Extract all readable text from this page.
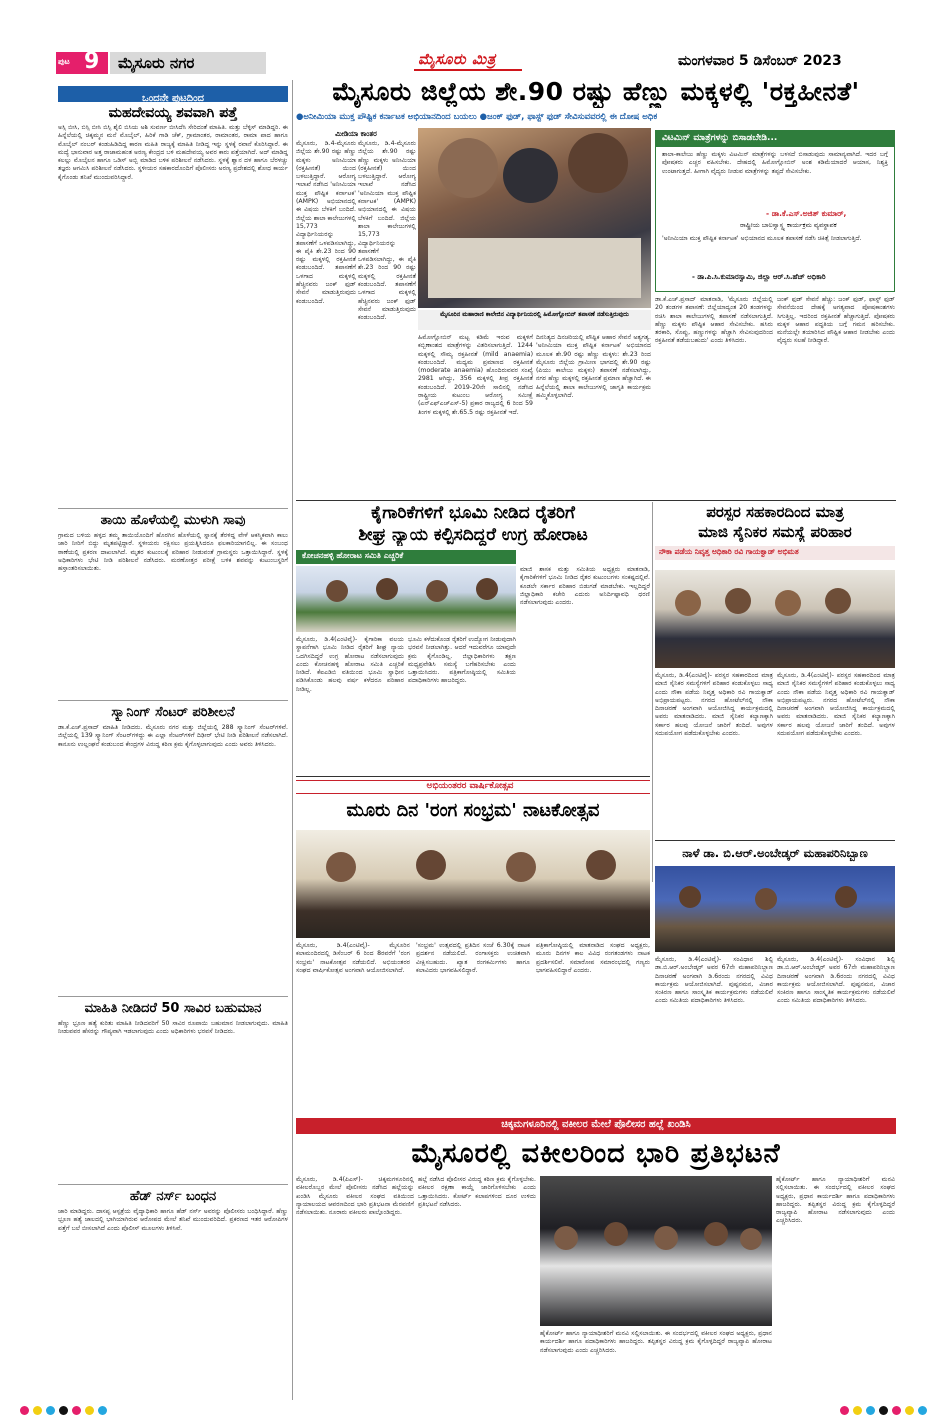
ಪುಟ 9 ಮೈಸೂರು ನಗರ	ಮೈಸೂರು ಮಿತ್ರ	ಮಂಗಳವಾರ 5 ಡಿಸೆಂಬರ್ 2023
ಒಂದನೇ ಪುಟದಿಂದ
ಮಹದೇವಯ್ಯ ಶವವಾಗಿ ಪತ್ತೆ
ಅಸ್ಸಿ ಬೀಸಿ, ಬಿಸ್ಸಿ ಬೀಸಿ ಬಿಸ್ಸಿ ಶೈಲಿ ಬಿಸಿಯ ಅಶಿ ಸುವರ್ಣ ಬೀಸಿದೆಸಿ ಸೇರಿದಂತೆ ಮಾಹಿತಿ. ಮತ್ತು ಬೆಳ್ಳಿಸ್ ಮಾಡಿದ್ದರಿ. ಈ ಹಿನ್ನೆಲೆಯಲ್ಲಿ ಚಿಕ್ಕಮ್ಮನ ಮನೆ ಮೊಬೈಲ್, ಹಿರಿಕೆ ಗಾಡಿ ಚೆಕ್, ಗ್ರಾಮಾಂತರ, ರಾಮಾಂತರ, ರಾಮಾ ಪಾದ ಹಾಗೂ ಮೊಬೈಲ್ ನಂಬರ್ ಕಂಡುಹಿಡಿದಿದ್ದ ಕಾರಣ ಮಹಿತಿ ರಾಜ್ಯಕ್ಕೆ ಮಾಹಿತಿ ನೀಡಿದ್ದ ಇನ್ನು ಸ್ಥಳಕ್ಕೆ ರವಾನೆ ಕೊರಿಸಿದ್ದಾರೆ. ಈ ಮದ್ಯೆ ಭಾನುವಾರ ಅತ್ತ ರಾಜಾಮಹಂತ ಅರಣ್ಯ ಕೇಂದ್ರದ ಬಳಿ ಮಹದೇವಯ್ಯ ಅವರ ಕಾರು ಪತ್ತೆಯಾಗಿದೆ. ಅದ್ ಮಾಡಿದ್ದ ಕಲಲ್ಲು ಮೊಬೈಲನ ಹಾಗೂ ಒಡಿಸ್ ಅಬ್ಬಿ ಮಾಡಿದ ಬಳಿಕ ಪರಿಶೀಲನೆ ನಡೆಸಿದರು. ಸ್ಥಳಕ್ಕೆ ಶ್ವಾನ ದಳ ಹಾಗೂ ಬೆರಳಚ್ಚು ತಜ್ಞರು ಆಗಮಿಸಿ ಪರಿಶೀಲನೆ ನಡೆಸಿದರು. ಸ್ಥಳೀಯರ ಸಹಕಾರದೊಂದಿಗೆ ಪೊಲೀಸರು ಅರಣ್ಯ ಪ್ರದೇಶದಲ್ಲಿ ಶೋಧ ಕಾರ್ಯ ಕೈಗೊಂಡು ತನಿಖೆ ಮುಂದುವರಿಸಿದ್ದಾರೆ.
ತಾಯಿ ಹೊಳೆಯಲ್ಲಿ ಮುಳುಗಿ ಸಾವು
ಗ್ರಾಮದ ಬಳಿಯ ಹಳ್ಳದ ತಮ್ಮ ತಾಯಿಯೊಂದಿಗೆ ಹೊರಗಿನ ಹೊಳೆಯಲ್ಲಿ ಸ್ನಾನಕ್ಕೆ ತೆರಳಿದ್ದ ವೇಳೆ ಆಕಸ್ಮಿಕವಾಗಿ ಕಾಲು ಜಾರಿ ನೀರಿಗೆ ಬಿದ್ದು ಮೃತಪಟ್ಟಿದ್ದಾರೆ. ಸ್ಥಳೀಯರು ರಕ್ಷಿಸಲು ಪ್ರಯತ್ನಿಸಿದರೂ ಫಲಕಾರಿಯಾಗಲಿಲ್ಲ. ಈ ಸಂಬಂಧ ಠಾಣೆಯಲ್ಲಿ ಪ್ರಕರಣ ದಾಖಲಾಗಿದೆ. ಮೃತರ ಕುಟುಂಬಕ್ಕೆ ಪರಿಹಾರ ನೀಡುವಂತೆ ಗ್ರಾಮಸ್ಥರು ಒತ್ತಾಯಿಸಿದ್ದಾರೆ. ಸ್ಥಳಕ್ಕೆ ಅಧಿಕಾರಿಗಳು ಭೇಟಿ ನೀಡಿ ಪರಿಶೀಲನೆ ನಡೆಸಿದರು. ಮರಣೋತ್ತರ ಪರೀಕ್ಷೆ ಬಳಿಕ ಶವವನ್ನು ಕುಟುಂಬಸ್ಥರಿಗೆ ಹಸ್ತಾಂತರಿಸಲಾಯಿತು.
ಸ್ಕ್ಯಾನಿಂಗ್ ಸೆಂಟರ್ ಪರಿಶೀಲನೆ
ಡಾ.ಕೆ.ಎಚ್.ಪ್ರಸಾದ್ ಮಾಹಿತಿ ನೀಡಿದರು. ಮೈಸೂರು ನಗರ ಮತ್ತು ಜಿಲ್ಲೆಯಲ್ಲಿ 288 ಸ್ಕ್ಯಾನಿಂಗ್ ಸೆಂಟರ್‌ಗಳಿವೆ. ಜಿಲ್ಲೆಯಲ್ಲಿ 139 ಸ್ಕ್ಯಾನಿಂಗ್ ಸೆಂಟರ್‌ಗಳಿದ್ದು ಈ ಎಲ್ಲಾ ಸೆಂಟರ್‌ಗಳಿಗೆ ದಿಢೀರ್ ಭೇಟಿ ನೀಡಿ ಪರಿಶೀಲನೆ ನಡೆಸಲಾಗಿದೆ. ಕಾನೂನು ಉಲ್ಲಂಘನೆ ಕಂಡುಬಂದ ಕೇಂದ್ರಗಳ ವಿರುದ್ಧ ಕಠಿಣ ಕ್ರಮ ಕೈಗೊಳ್ಳಲಾಗುವುದು ಎಂದು ಅವರು ತಿಳಿಸಿದರು.
ಮಾಹಿತಿ ನೀಡಿದರೆ 50 ಸಾವಿರ ಬಹುಮಾನ
ಹೆಣ್ಣು ಭ್ರೂಣ ಹತ್ಯೆ ಕುರಿತು ಮಾಹಿತಿ ನೀಡಿದವರಿಗೆ 50 ಸಾವಿರ ರೂಪಾಯಿ ಬಹುಮಾನ ನೀಡಲಾಗುವುದು. ಮಾಹಿತಿ ನೀಡುವವರ ಹೆಸರನ್ನು ಗೌಪ್ಯವಾಗಿ ಇಡಲಾಗುವುದು ಎಂದು ಅಧಿಕಾರಿಗಳು ಭರವಸೆ ನೀಡಿದರು.
ಹೆಡ್ ನರ್ಸ್ ಬಂಧನ
ಜಾರಿ ಮಾಡಿದ್ದರು. ದಾಸಪ್ಪ ಆಸ್ಪತ್ರೆಯ ವೈದ್ಯಾಧಿಕಾರಿ ಹಾಗೂ ಹೆಡ್ ನರ್ಸ್ ಅವರನ್ನು ಪೊಲೀಸರು ಬಂಧಿಸಿದ್ದಾರೆ. ಹೆಣ್ಣು ಭ್ರೂಣ ಹತ್ಯೆ ಜಾಲದಲ್ಲಿ ಭಾಗಿಯಾಗಿರುವ ಆರೋಪದ ಮೇಲೆ ತನಿಖೆ ಮುಂದುವರಿದಿದೆ. ಪ್ರಕರಣದ ಇತರ ಆರೋಪಿಗಳ ಪತ್ತೆಗೆ ಬಲೆ ಬೀಸಲಾಗಿದೆ ಎಂದು ಪೊಲೀಸ್ ಮೂಲಗಳು ತಿಳಿಸಿವೆ.
ಮೈಸೂರು ಜಿಲ್ಲೆಯ ಶೇ.90 ರಷ್ಟು ಹೆಣ್ಣು ಮಕ್ಕಳಲ್ಲಿ 'ರಕ್ತಹೀನತೆ'
●ಅನೀಮಿಯಾ ಮುಕ್ತ ಪೌಷ್ಟಿಕ ಕರ್ನಾಟಕ ಅಭಿಯಾನದಿಂದ ಬಯಲು ●ಜಂಕ್ ಫುಡ್, ಫಾಸ್ಟ್ ಫುಡ್ ಸೇವಿಸುವವರಲ್ಲಿ ಈ ದೋಷ ಅಧಿಕ
ಮೈಸೂರಿನ ಮಹಾರಾಣಿ ಕಾಲೇಜಿನ ವಿದ್ಯಾರ್ಥಿನಿಯರಲ್ಲಿ ಹಿಮೋಗ್ಲೋಬಿನ್ ತಪಾಸಣೆ ನಡೆಸುತ್ತಿರುವುದು
ಮೀಡಿಯಾ ಕಾಂತರ
ಮೈಸೂರು, ಡಿ.4-ಮೈಸೂರು ಜಿಲ್ಲೆಯ ಶೇ.90 ರಷ್ಟು ಹೆಣ್ಣು ಮಕ್ಕಳು ಅನೀಮಿಯಾ (ರಕ್ತಹೀನತೆ) ಯಿಂದ ಬಳಲುತ್ತಿದ್ದಾರೆ. ಆರೋಗ್ಯ ಇಲಾಖೆ ನಡೆಸಿದ 'ಅನೀಮಿಯಾ ಮುಕ್ತ ಪೌಷ್ಟಿಕ ಕರ್ನಾಟಕ' (AMPK) ಅಭಿಯಾನದಲ್ಲಿ ಈ ವಿಷಯ ಬೆಳಕಿಗೆ ಬಂದಿದೆ. ಜಿಲ್ಲೆಯ ಶಾಲಾ ಕಾಲೇಜುಗಳಲ್ಲಿ 15,773 ವಿದ್ಯಾರ್ಥಿನಿಯರನ್ನು ತಪಾಸಣೆಗೆ ಒಳಪಡಿಸಲಾಗಿದ್ದು, ಈ ಪೈಕಿ ಶೇ.23 ರಿಂದ 90 ರಷ್ಟು ಮಕ್ಕಳಲ್ಲಿ ರಕ್ತಹೀನತೆ ಕಂಡುಬಂದಿದೆ. ತಪಾಸಣೆಗೆ ಒಳಗಾದ ಮಕ್ಕಳಲ್ಲಿ ಹೆಚ್ಚಿನವರು ಜಂಕ್ ಫುಡ್ ಸೇವನೆ ಮಾಡುತ್ತಿರುವುದು ಕಂಡುಬಂದಿದೆ.
ಮೈಸೂರು, ಡಿ.4-ಮೈಸೂರು ಜಿಲ್ಲೆಯ ಶೇ.90 ರಷ್ಟು ಹೆಣ್ಣು ಮಕ್ಕಳು ಅನೀಮಿಯಾ (ರಕ್ತಹೀನತೆ) ಯಿಂದ ಬಳಲುತ್ತಿದ್ದಾರೆ. ಆರೋಗ್ಯ ಇಲಾಖೆ ನಡೆಸಿದ 'ಅನೀಮಿಯಾ ಮುಕ್ತ ಪೌಷ್ಟಿಕ ಕರ್ನಾಟಕ' (AMPK) ಅಭಿಯಾನದಲ್ಲಿ ಈ ವಿಷಯ ಬೆಳಕಿಗೆ ಬಂದಿದೆ. ಜಿಲ್ಲೆಯ ಶಾಲಾ ಕಾಲೇಜುಗಳಲ್ಲಿ 15,773 ವಿದ್ಯಾರ್ಥಿನಿಯರನ್ನು ತಪಾಸಣೆಗೆ ಒಳಪಡಿಸಲಾಗಿದ್ದು, ಈ ಪೈಕಿ ಶೇ.23 ರಿಂದ 90 ರಷ್ಟು ಮಕ್ಕಳಲ್ಲಿ ರಕ್ತಹೀನತೆ ಕಂಡುಬಂದಿದೆ. ತಪಾಸಣೆಗೆ ಒಳಗಾದ ಮಕ್ಕಳಲ್ಲಿ ಹೆಚ್ಚಿನವರು ಜಂಕ್ ಫುಡ್ ಸೇವನೆ ಮಾಡುತ್ತಿರುವುದು ಕಂಡುಬಂದಿದೆ.
ಹಿಮೋಗ್ಲೋಬಿನ್ ಮಟ್ಟ ಕಡಿಮೆ ಇರುವ ಮಕ್ಕಳಿಗೆ ಕಬ್ಬಿಣಾಂಶದ ಮಾತ್ರೆಗಳನ್ನು ವಿತರಿಸಲಾಗುತ್ತಿದೆ. 1244 ಮಕ್ಕಳಲ್ಲಿ ಸೌಮ್ಯ ರಕ್ತಹೀನತೆ (mild anaemia) ಕಂಡುಬಂದಿದೆ. ಮಧ್ಯಮ ಪ್ರಮಾಣದ ರಕ್ತಹೀನತೆ (moderate anaemia) ಹೊಂದಿರುವವರ ಸಂಖ್ಯೆ 2981 ಆಗಿದ್ದು, 356 ಮಕ್ಕಳಲ್ಲಿ ತೀವ್ರ ರಕ್ತಹೀನತೆ ಕಂಡುಬಂದಿದೆ. 2019-20ನೇ ಸಾಲಿನಲ್ಲಿ ನಡೆಸಿದ ರಾಷ್ಟ್ರೀಯ ಕುಟುಂಬ ಆರೋಗ್ಯ ಸಮೀಕ್ಷೆ (ಎನ್‌ಎಫ್‌ಎಚ್‌ಎಸ್-5) ಪ್ರಕಾರ ರಾಜ್ಯದಲ್ಲಿ 6 ರಿಂದ 59 ತಿಂಗಳ ಮಕ್ಕಳಲ್ಲಿ ಶೇ.65.5 ರಷ್ಟು ರಕ್ತಹೀನತೆ ಇದೆ.
ದಿನನಿತ್ಯದ ದಿನಚರಿಯಲ್ಲಿ ಪೌಷ್ಟಿಕ ಆಹಾರ ಸೇವನೆ ಅತ್ಯಗತ್ಯ. 'ಅನೀಮಿಯಾ ಮುಕ್ತ ಪೌಷ್ಟಿಕ ಕರ್ನಾಟಕ' ಅಭಿಯಾನದ ಮೂಲಕ ಶೇ.90 ರಷ್ಟು ಹೆಣ್ಣು ಮಕ್ಕಳು: ಶೇ.23 ರಿಂದ ಮೈಸೂರು ಜಿಲ್ಲೆಯ ಗ್ರಾಮೀಣ ಭಾಗದಲ್ಲಿ ಶೇ.90 ರಷ್ಟು (ಪಿಯು ಕಾಲೇಜು ಮಕ್ಕಳು) ತಪಾಸಣೆ ನಡೆಸಲಾಗಿದ್ದು, ನಗರ ಹೆಣ್ಣು ಮಕ್ಕಳಲ್ಲಿ ರಕ್ತಹೀನತೆ ಪ್ರಮಾಣ ಹೆಚ್ಚಾಗಿದೆ. ಈ ಹಿನ್ನೆಲೆಯಲ್ಲಿ ಶಾಲಾ ಕಾಲೇಜುಗಳಲ್ಲಿ ಜಾಗೃತಿ ಕಾರ್ಯಕ್ರಮ ಹಮ್ಮಿಕೊಳ್ಳಲಾಗಿದೆ.
ವಿಟಮಿನ್ ಮಾತ್ರೆಗಳನ್ನು ಬಿಸಾಡಬೇಡಿ...
ಶಾಲಾ-ಕಾಲೇಜು ಹೆಣ್ಣು ಮಕ್ಕಳು ವಿಟಮಿನ್ ಮಾತ್ರೆಗಳನ್ನು ಬಳಸದೆ ಬಿಸಾಡುವುದು ಸಾಮಾನ್ಯವಾಗಿದೆ. ಇದರ ಬಗ್ಗೆ ಪೋಷಕರು ಎಚ್ಚರ ವಹಿಸಬೇಕು. ದೇಹದಲ್ಲಿ ಹಿಮೋಗ್ಲೋಬಿನ್ ಅಂಶ ಕಡಿಮೆಯಾದರೆ ಆಯಾಸ, ನಿಶ್ಯಕ್ತಿ ಉಂಟಾಗುತ್ತದೆ. ಹೀಗಾಗಿ ವೈದ್ಯರು ನೀಡುವ ಮಾತ್ರೆಗಳನ್ನು ತಪ್ಪದೆ ಸೇವಿಸಬೇಕು.
- ಡಾ.ಕೆ.ಎಸ್.ಅಜಿತ್ ಕುಮಾರ್,
ರಾಷ್ಟ್ರೀಯ ಬಾಲಸ್ವಾಸ್ಥ್ಯ ಕಾರ್ಯಕ್ರಮ ವ್ಯವಸ್ಥಾಪಕ
'ಅನೀಮಿಯಾ ಮುಕ್ತ ಪೌಷ್ಟಿಕ ಕರ್ನಾಟಕ' ಅಭಿಯಾನದ ಮೂಲಕ ತಪಾಸಣೆ ನಡೆಸಿ ಚಿಕಿತ್ಸೆ ನೀಡಲಾಗುತ್ತಿದೆ.
- ಡಾ.ಪಿ.ಸಿ.ಕುಮಾರಸ್ವಾಮಿ, ಜಿಲ್ಲಾ ಆರ್.ಸಿ.ಹೆಚ್ ಅಧಿಕಾರಿ
ಡಾ.ಕೆ.ಎಚ್.ಪ್ರಸಾದ್ ಮಾತನಾಡಿ, 'ಮೈಸೂರು ಜಿಲ್ಲೆಯಲ್ಲಿ 20 ತಂಡಗಳ ತಪಾಸಣೆ: ಜಿಲ್ಲೆಯಾದ್ಯಂತ 20 ತಂಡಗಳನ್ನು ರಚಿಸಿ ಶಾಲಾ ಕಾಲೇಜುಗಳಲ್ಲಿ ತಪಾಸಣೆ ನಡೆಸಲಾಗುತ್ತಿದೆ. ಹೆಣ್ಣು ಮಕ್ಕಳು ಪೌಷ್ಟಿಕ ಆಹಾರ ಸೇವಿಸಬೇಕು. ಹಸಿರು ತರಕಾರಿ, ಸೊಪ್ಪು, ಹಣ್ಣುಗಳನ್ನು ಹೆಚ್ಚಾಗಿ ಸೇವಿಸುವುದರಿಂದ ರಕ್ತಹೀನತೆ ತಡೆಯಬಹುದು' ಎಂದು ತಿಳಿಸಿದರು.
ಜಂಕ್ ಫುಡ್ ಸೇವನೆ ಹೆಚ್ಚು: ಜಂಕ್ ಫುಡ್, ಫಾಸ್ಟ್ ಫುಡ್ ಸೇವನೆಯಿಂದ ದೇಹಕ್ಕೆ ಅಗತ್ಯವಾದ ಪೋಷಕಾಂಶಗಳು ಸಿಗುತ್ತಿಲ್ಲ. ಇದರಿಂದ ರಕ್ತಹೀನತೆ ಹೆಚ್ಚಾಗುತ್ತಿದೆ. ಪೋಷಕರು ಮಕ್ಕಳ ಆಹಾರ ಪದ್ಧತಿಯ ಬಗ್ಗೆ ಗಮನ ಹರಿಸಬೇಕು. ಮನೆಯಲ್ಲೇ ತಯಾರಿಸಿದ ಪೌಷ್ಟಿಕ ಆಹಾರ ನೀಡಬೇಕು ಎಂದು ವೈದ್ಯರು ಸಲಹೆ ನೀಡಿದ್ದಾರೆ.
ಕೈಗಾರಿಕೆಗಳಿಗೆ ಭೂಮಿ ನೀಡಿದ ರೈತರಿಗೆ
ಶೀಘ್ರ ನ್ಯಾಯ ಕಲ್ಪಿಸದಿದ್ದರೆ ಉಗ್ರ ಹೋರಾಟ
ಕೋಚನಹಳ್ಳಿ ಹೋರಾಟ ಸಮಿತಿ ಎಚ್ಚರಿಕೆ
ಮೈಸೂರು, ಡಿ.4(ಎಂಟಿವೈ)- ಕೈಗಾರಿಕಾ ವಲಯ ಸ್ಥಾಪನೆಗಾಗಿ ಭೂಮಿ ನೀಡಿದ ರೈತರಿಗೆ ಶೀಘ್ರ ನ್ಯಾಯ ಒದಗಿಸದಿದ್ದರೆ ಉಗ್ರ ಹೋರಾಟ ನಡೆಸಲಾಗುವುದು ಎಂದು ಕೋಚನಹಳ್ಳಿ ಹೋರಾಟ ಸಮಿತಿ ಎಚ್ಚರಿಕೆ ನೀಡಿದೆ. ಕೆಐಎಡಿಬಿ ವತಿಯಿಂದ ಭೂಮಿ ಸ್ವಾಧೀನ ಪಡಿಸಿಕೊಂಡು ಹಲವು ವರ್ಷ ಕಳೆದರೂ ಪರಿಹಾರ ನೀಡಿಲ್ಲ.
ಭೂಮಿ ಕಳೆದುಕೊಂಡ ರೈತರಿಗೆ ಉದ್ಯೋಗ ನೀಡುವುದಾಗಿ ಭರವಸೆ ನೀಡಲಾಗಿತ್ತು. ಆದರೆ ಇದುವರೆಗೂ ಯಾವುದೇ ಕ್ರಮ ಕೈಗೊಂಡಿಲ್ಲ. ಜಿಲ್ಲಾಧಿಕಾರಿಗಳು ತಕ್ಷಣ ಮಧ್ಯಪ್ರವೇಶಿಸಿ ಸಮಸ್ಯೆ ಬಗೆಹರಿಸಬೇಕು ಎಂದು ಒತ್ತಾಯಿಸಿದರು. ಪತ್ರಿಕಾಗೋಷ್ಠಿಯಲ್ಲಿ ಸಮಿತಿಯ ಪದಾಧಿಕಾರಿಗಳು ಹಾಜರಿದ್ದರು.
ಮಾಜಿ ಶಾಸಕ ಮತ್ತು ಸಮಿತಿಯ ಅಧ್ಯಕ್ಷರು ಮಾತನಾಡಿ, ಕೈಗಾರಿಕೆಗಳಿಗೆ ಭೂಮಿ ನೀಡಿದ ರೈತರ ಕುಟುಂಬಗಳು ಸಂಕಷ್ಟದಲ್ಲಿವೆ. ಕೂಡಲೇ ಸರ್ಕಾರ ಪರಿಹಾರ ಬಿಡುಗಡೆ ಮಾಡಬೇಕು. ಇಲ್ಲದಿದ್ದರೆ ಜಿಲ್ಲಾಧಿಕಾರಿ ಕಚೇರಿ ಎದುರು ಅನಿರ್ದಿಷ್ಟಾವಧಿ ಧರಣಿ ನಡೆಸಲಾಗುವುದು ಎಂದರು.
ಪರಸ್ಪರ ಸಹಕಾರದಿಂದ ಮಾತ್ರ
ಮಾಜಿ ಸೈನಿಕರ ಸಮಸ್ಯೆ ಪರಿಹಾರ
ನೌಕಾ ಪಡೆಯ ನಿವೃತ್ತ ಅಧಿಕಾರಿ ರವಿ ಗಾಯಕ್ವಾಡ್ ಅಭಿಮತ
ಮೈಸೂರು, ಡಿ.4(ಎಂಟಿವೈ)- ಪರಸ್ಪರ ಸಹಕಾರದಿಂದ ಮಾತ್ರ ಮಾಜಿ ಸೈನಿಕರ ಸಮಸ್ಯೆಗಳಿಗೆ ಪರಿಹಾರ ಕಂಡುಕೊಳ್ಳಲು ಸಾಧ್ಯ ಎಂದು ನೌಕಾ ಪಡೆಯ ನಿವೃತ್ತ ಅಧಿಕಾರಿ ರವಿ ಗಾಯಕ್ವಾಡ್ ಅಭಿಪ್ರಾಯಪಟ್ಟರು. ನಗರದ ಹೋಟೆಲ್‌ನಲ್ಲಿ ನೌಕಾ ದಿನಾಚರಣೆ ಅಂಗವಾಗಿ ಆಯೋಜಿಸಿದ್ದ ಕಾರ್ಯಕ್ರಮದಲ್ಲಿ ಅವರು ಮಾತನಾಡಿದರು. ಮಾಜಿ ಸೈನಿಕರ ಕಲ್ಯಾಣಕ್ಕಾಗಿ ಸರ್ಕಾರ ಹಲವು ಯೋಜನೆ ಜಾರಿಗೆ ತಂದಿದೆ. ಅವುಗಳ ಸದುಪಯೋಗ ಪಡೆದುಕೊಳ್ಳಬೇಕು ಎಂದರು.
ಮೈಸೂರು, ಡಿ.4(ಎಂಟಿವೈ)- ಪರಸ್ಪರ ಸಹಕಾರದಿಂದ ಮಾತ್ರ ಮಾಜಿ ಸೈನಿಕರ ಸಮಸ್ಯೆಗಳಿಗೆ ಪರಿಹಾರ ಕಂಡುಕೊಳ್ಳಲು ಸಾಧ್ಯ ಎಂದು ನೌಕಾ ಪಡೆಯ ನಿವೃತ್ತ ಅಧಿಕಾರಿ ರವಿ ಗಾಯಕ್ವಾಡ್ ಅಭಿಪ್ರಾಯಪಟ್ಟರು. ನಗರದ ಹೋಟೆಲ್‌ನಲ್ಲಿ ನೌಕಾ ದಿನಾಚರಣೆ ಅಂಗವಾಗಿ ಆಯೋಜಿಸಿದ್ದ ಕಾರ್ಯಕ್ರಮದಲ್ಲಿ ಅವರು ಮಾತನಾಡಿದರು. ಮಾಜಿ ಸೈನಿಕರ ಕಲ್ಯಾಣಕ್ಕಾಗಿ ಸರ್ಕಾರ ಹಲವು ಯೋಜನೆ ಜಾರಿಗೆ ತಂದಿದೆ. ಅವುಗಳ ಸದುಪಯೋಗ ಪಡೆದುಕೊಳ್ಳಬೇಕು ಎಂದರು.
ಅಭಿಯಂತರರ ವಾರ್ಷಿಕೋತ್ಸವ
ಮೂರು ದಿನ 'ರಂಗ ಸಂಭ್ರಮ' ನಾಟಕೋತ್ಸವ
ಮೈಸೂರು, ಡಿ.4(ಎಂಟಿವೈ)- ಮೈಸೂರಿನ ಕಲಾಮಂದಿರದಲ್ಲಿ ಡಿಸೆಂಬರ್ 6 ರಿಂದ 8ರವರೆಗೆ 'ರಂಗ ಸಂಭ್ರಮ' ನಾಟಕೋತ್ಸವ ನಡೆಯಲಿದೆ. ಅಭಿಯಂತರರ ಸಂಘದ ವಾರ್ಷಿಕೋತ್ಸವ ಅಂಗವಾಗಿ ಆಯೋಜಿಸಲಾಗಿದೆ.
'ಸಂಭ್ರಮ' ಉತ್ಸವದಲ್ಲಿ ಪ್ರತಿದಿನ ಸಂಜೆ 6.30ಕ್ಕೆ ನಾಟಕ ಪ್ರದರ್ಶನ ನಡೆಯಲಿದೆ. ರಂಗಾಸಕ್ತರು ಉಚಿತವಾಗಿ ವೀಕ್ಷಿಸಬಹುದು. ಖ್ಯಾತ ರಂಗಕರ್ಮಿಗಳು ಹಾಗೂ ಕಲಾವಿದರು ಭಾಗವಹಿಸಲಿದ್ದಾರೆ.
ಪತ್ರಿಕಾಗೋಷ್ಠಿಯಲ್ಲಿ ಮಾತನಾಡಿದ ಸಂಘದ ಅಧ್ಯಕ್ಷರು, ಮೂರು ದಿನಗಳ ಕಾಲ ವಿವಿಧ ರಂಗತಂಡಗಳು ನಾಟಕ ಪ್ರದರ್ಶಿಸಲಿವೆ. ಸಮಾರೋಪ ಸಮಾರಂಭದಲ್ಲಿ ಗಣ್ಯರು ಭಾಗವಹಿಸಲಿದ್ದಾರೆ ಎಂದರು.
ನಾಳೆ ಡಾ. ಬಿ.ಆರ್.ಅಂಬೇಡ್ಕರ್ ಮಹಾಪರಿನಿಬ್ಬಾಣ
ಮೈಸೂರು, ಡಿ.4(ಎಂಟಿವೈ)- ಸಂವಿಧಾನ ಶಿಲ್ಪಿ ಡಾ.ಬಿ.ಆರ್.ಅಂಬೇಡ್ಕರ್ ಅವರ 67ನೇ ಮಹಾಪರಿನಿಬ್ಬಾಣ ದಿನಾಚರಣೆ ಅಂಗವಾಗಿ ಡಿ.6ರಂದು ನಗರದಲ್ಲಿ ವಿವಿಧ ಕಾರ್ಯಕ್ರಮ ಆಯೋಜಿಸಲಾಗಿದೆ. ಪುಷ್ಪನಮನ, ವಿಚಾರ ಸಂಕಿರಣ ಹಾಗೂ ಸಾಂಸ್ಕೃತಿಕ ಕಾರ್ಯಕ್ರಮಗಳು ನಡೆಯಲಿವೆ ಎಂದು ಸಮಿತಿಯ ಪದಾಧಿಕಾರಿಗಳು ತಿಳಿಸಿದರು.
ಮೈಸೂರು, ಡಿ.4(ಎಂಟಿವೈ)- ಸಂವಿಧಾನ ಶಿಲ್ಪಿ ಡಾ.ಬಿ.ಆರ್.ಅಂಬೇಡ್ಕರ್ ಅವರ 67ನೇ ಮಹಾಪರಿನಿಬ್ಬಾಣ ದಿನಾಚರಣೆ ಅಂಗವಾಗಿ ಡಿ.6ರಂದು ನಗರದಲ್ಲಿ ವಿವಿಧ ಕಾರ್ಯಕ್ರಮ ಆಯೋಜಿಸಲಾಗಿದೆ. ಪುಷ್ಪನಮನ, ವಿಚಾರ ಸಂಕಿರಣ ಹಾಗೂ ಸಾಂಸ್ಕೃತಿಕ ಕಾರ್ಯಕ್ರಮಗಳು ನಡೆಯಲಿವೆ ಎಂದು ಸಮಿತಿಯ ಪದಾಧಿಕಾರಿಗಳು ತಿಳಿಸಿದರು.
ಚಿಕ್ಕಮಗಳೂರಿನಲ್ಲಿ ವಕೀಲರ ಮೇಲೆ ಪೊಲೀಸರ ಹಲ್ಲೆ ಖಂಡಿಸಿ
ಮೈಸೂರಲ್ಲಿ ವಕೀಲರಿಂದ ಭಾರಿ ಪ್ರತಿಭಟನೆ
ಮೈಸೂರು, ಡಿ.4(ಪಿಎಸ್)- ಚಿಕ್ಕಮಗಳೂರಿನಲ್ಲಿ ವಕೀಲರೊಬ್ಬರ ಮೇಲೆ ಪೊಲೀಸರು ನಡೆಸಿದ ಹಲ್ಲೆಯನ್ನು ಖಂಡಿಸಿ ಮೈಸೂರು ವಕೀಲರ ಸಂಘದ ವತಿಯಿಂದ ನ್ಯಾಯಾಲಯದ ಆವರಣದಿಂದ ಭಾರಿ ಪ್ರತಿಭಟನಾ ಮೆರವಣಿಗೆ ನಡೆಸಲಾಯಿತು. ನೂರಾರು ವಕೀಲರು ಪಾಲ್ಗೊಂಡಿದ್ದರು.
ಹಲ್ಲೆ ನಡೆಸಿದ ಪೊಲೀಸರ ವಿರುದ್ಧ ಕಠಿಣ ಕ್ರಮ ಕೈಗೊಳ್ಳಬೇಕು. ವಕೀಲರ ರಕ್ಷಣಾ ಕಾಯ್ದೆ ಜಾರಿಗೊಳಿಸಬೇಕು ಎಂದು ಒತ್ತಾಯಿಸಿದರು. ಕೋರ್ಟ್ ಕಲಾಪಗಳಿಂದ ದೂರ ಉಳಿದು ಪ್ರತಿಭಟನೆ ನಡೆಸಿದರು.
ಹೈಕೋರ್ಟ್ ಹಾಗೂ ನ್ಯಾಯಾಧೀಶರಿಗೆ ಮನವಿ ಸಲ್ಲಿಸಲಾಯಿತು. ಈ ಸಂದರ್ಭದಲ್ಲಿ ವಕೀಲರ ಸಂಘದ ಅಧ್ಯಕ್ಷರು, ಪ್ರಧಾನ ಕಾರ್ಯದರ್ಶಿ ಹಾಗೂ ಪದಾಧಿಕಾರಿಗಳು ಹಾಜರಿದ್ದರು. ತಪ್ಪಿತಸ್ಥರ ವಿರುದ್ಧ ಕ್ರಮ ಕೈಗೊಳ್ಳದಿದ್ದರೆ ರಾಜ್ಯವ್ಯಾಪಿ ಹೋರಾಟ ನಡೆಸಲಾಗುವುದು ಎಂದು ಎಚ್ಚರಿಸಿದರು.
ಹೈಕೋರ್ಟ್ ಹಾಗೂ ನ್ಯಾಯಾಧೀಶರಿಗೆ ಮನವಿ ಸಲ್ಲಿಸಲಾಯಿತು. ಈ ಸಂದರ್ಭದಲ್ಲಿ ವಕೀಲರ ಸಂಘದ ಅಧ್ಯಕ್ಷರು, ಪ್ರಧಾನ ಕಾರ್ಯದರ್ಶಿ ಹಾಗೂ ಪದಾಧಿಕಾರಿಗಳು ಹಾಜರಿದ್ದರು. ತಪ್ಪಿತಸ್ಥರ ವಿರುದ್ಧ ಕ್ರಮ ಕೈಗೊಳ್ಳದಿದ್ದರೆ ರಾಜ್ಯವ್ಯಾಪಿ ಹೋರಾಟ ನಡೆಸಲಾಗುವುದು ಎಂದು ಎಚ್ಚರಿಸಿದರು.
